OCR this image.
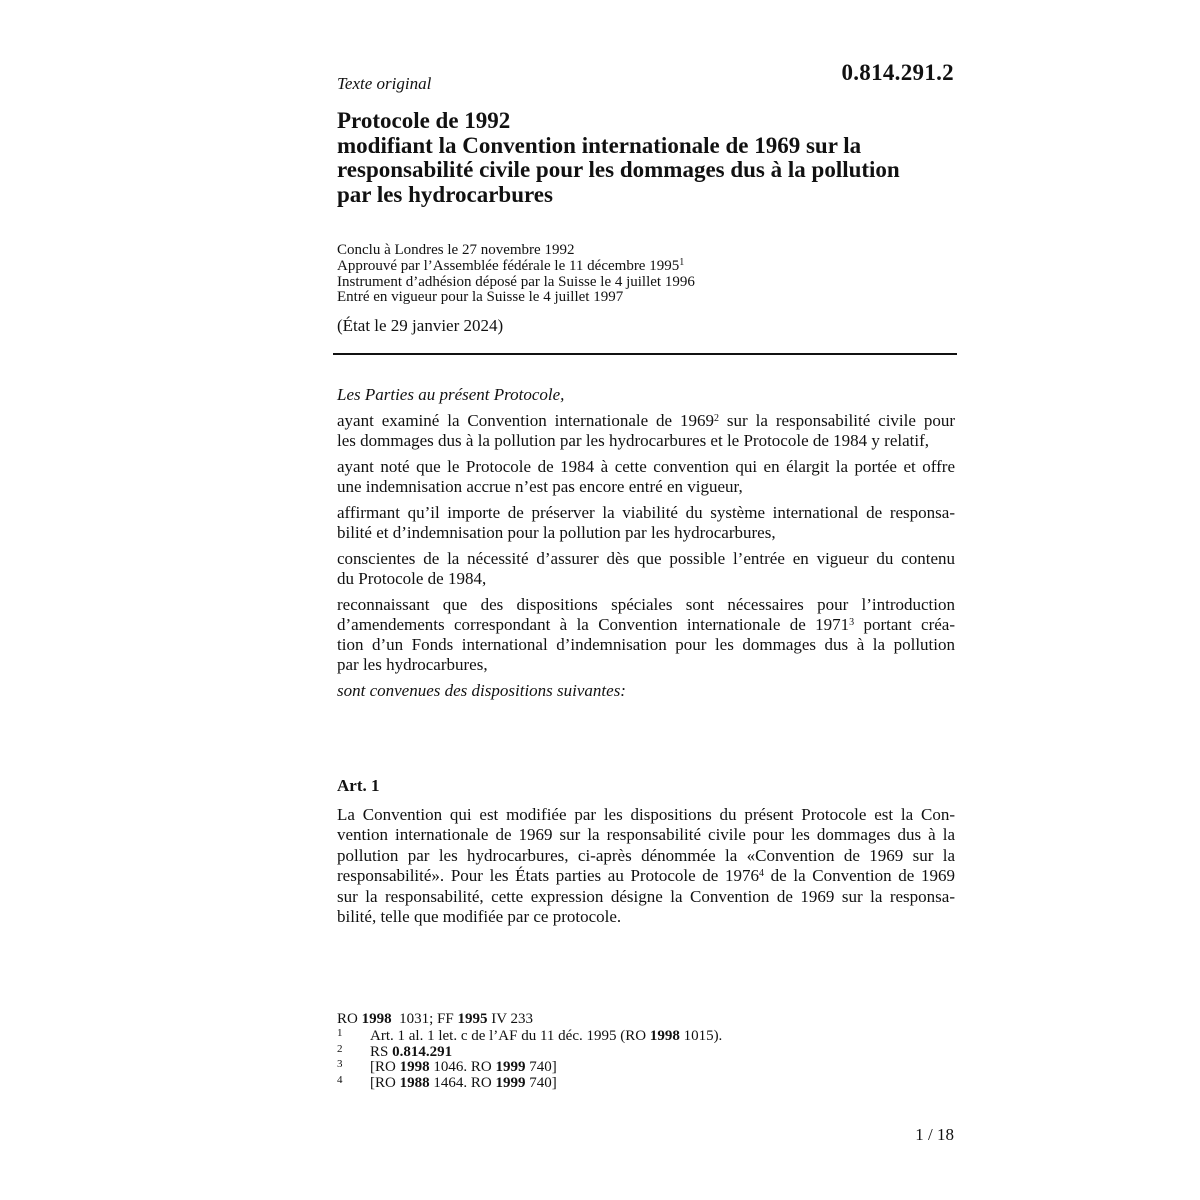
Texte original	0.814.291.2
Protocole de 1992
modifiant la Convention internationale de 1969 sur la
responsabilité civile pour les dommages dus à la pollution
par les hydrocarbures
Conclu à Londres le 27 novembre 1992
Approuvé par l’Assemblée fédérale le 11 décembre 1995$^1$
Instrument d’adhésion déposé par la Suisse le 4 juillet 1996
Entré en vigueur pour la Suisse le 4 juillet 1997
(État le 29 janvier 2024)

Les Parties au présent Protocole,

ayant examiné la Convention internationale de 1969$^2$ sur la responsabilité civile pour
les dommages dus à la pollution par les hydrocarbures et le Protocole de 1984 y relatif,

ayant noté que le Protocole de 1984 à cette convention qui en élargit la portée et offre
une indemnisation accrue n’est pas encore entré en vigueur,

affirmant qu’il importe de préserver la viabilité du système international de responsa-
bilité et d’indemnisation pour la pollution par les hydrocarbures,

conscientes de la nécessité d’assurer dès que possible l’entrée en vigueur du contenu
du Protocole de 1984,

reconnaissant que des dispositions spéciales sont nécessaires pour l’introduction
d’amendements correspondant à la Convention internationale de 1971$^3$ portant créa-
tion d’un Fonds international d’indemnisation pour les dommages dus à la pollution
par les hydrocarbures,

sont convenues des dispositions suivantes:

Art. 1
La Convention qui est modifiée par les dispositions du présent Protocole est la Con-
vention internationale de 1969 sur la responsabilité civile pour les dommages dus à la
pollution par les hydrocarbures, ci-après dénommée la «Convention de 1969 sur la
responsabilité». Pour les États parties au Protocole de 1976$^4$ de la Convention de 1969
sur la responsabilité, cette expression désigne la Convention de 1969 sur la responsa-
bilité, telle que modifiée par ce protocole.
RO 1998  1031; FF 1995 IV 233
1 Art. 1 al. 1 let. c de l’AF du 11 déc. 1995 (RO 1998 1015).
2 RS 0.814.291
3 [RO 1998 1046. RO 1999 740]
4 [RO 1988 1464. RO 1999 740]
1 / 18
